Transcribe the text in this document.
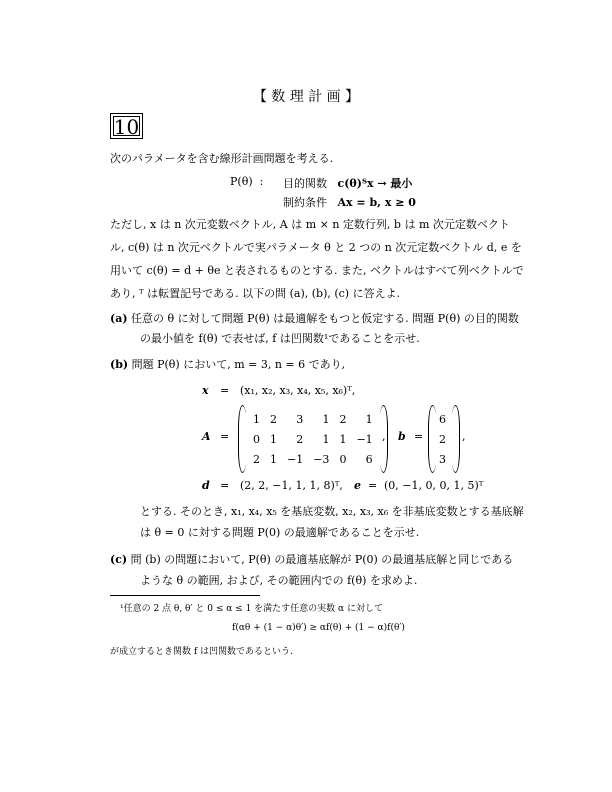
【 数 理 計 画 】
10
次のパラメータを含む線形計画問題を考える.
P(θ) : 目的関数 c(θ)ᵀx → 最小
制約条件 Ax = b, x ≥ 0
ただし, x は n 次元変数ベクトル, A は m × n 定数行列, b は m 次元定数ベクト
ル, c(θ) は n 次元ベクトルで実パラメータ θ と 2 つの n 次元定数ベクトル d, e を
用いて c(θ) = d + θe と表されるものとする. また, ベクトルはすべて列ベクトルで
あり, ᵀ は転置記号である. 以下の問 (a), (b), (c) に答えよ.
(a) 任意の θ に対して問題 P(θ) は最適解をもつと仮定する. 問題 P(θ) の目的関数
の最小値を f(θ) で表せば, f は凹関数¹であることを示せ.
(b) 問題 P(θ) において, m = 3, n = 6 であり,
x = (x₁, x₂, x₃, x₄, x₅, x₆)ᵀ,
A =
1	2	3	1	2	1
0	1	2	1	1	−1
2	1	−1	−3	0	6
, b =
6
2
3
,
d = (2, 2, −1, 1, 1, 8)ᵀ, e = (0, −1, 0, 0, 1, 5)ᵀ
とする. そのとき, x₁, x₄, x₅ を基底変数, x₂, x₃, x₆ を非基底変数とする基底解
は θ = 0 に対する問題 P(0) の最適解であることを示せ.
(c) 問 (b) の問題において, P(θ) の最適基底解が P(0) の最適基底解と同じである
ような θ の範囲, および, その範囲内での f(θ) を求めよ.
¹任意の 2 点 θ, θ′ と 0 ≤ α ≤ 1 を満たす任意の実数 α に対して
f(αθ + (1 − α)θ′) ≥ αf(θ) + (1 − α)f(θ′)
が成立するとき関数 f は凹関数であるという.
